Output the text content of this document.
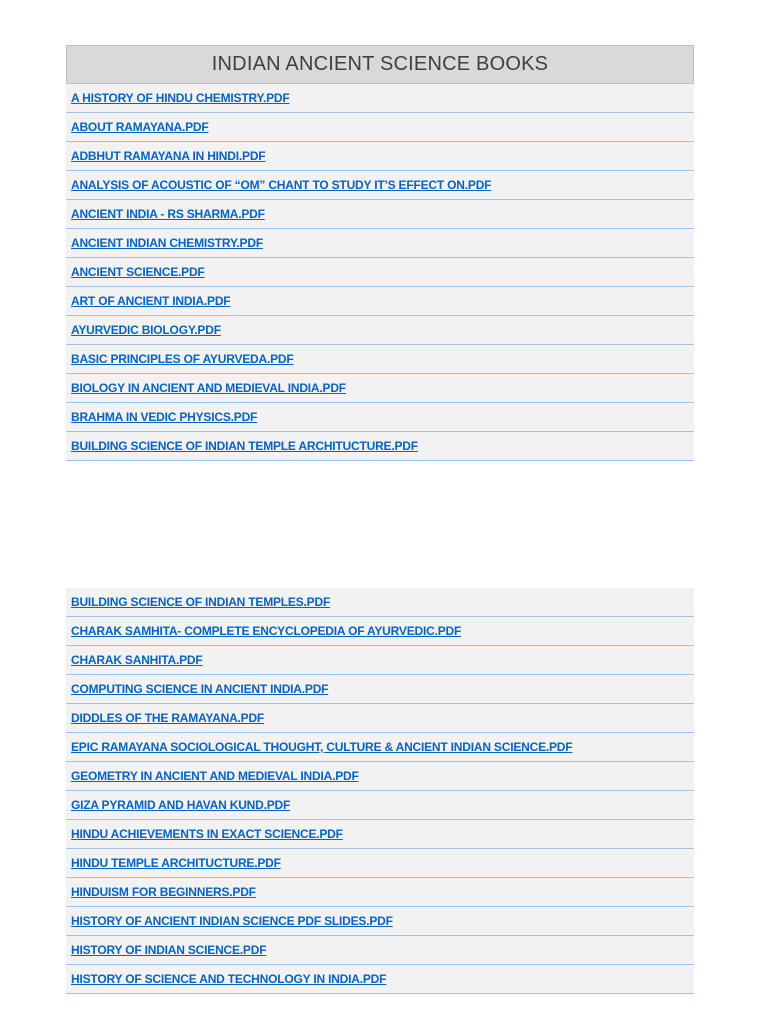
INDIAN ANCIENT SCIENCE BOOKS
A HISTORY OF HINDU CHEMISTRY.PDF
ABOUT RAMAYANA.PDF
ADBHUT RAMAYANA IN HINDI.PDF
ANALYSIS OF ACOUSTIC OF “OM” CHANT TO STUDY IT’S EFFECT ON.PDF
ANCIENT INDIA - RS SHARMA.PDF
ANCIENT INDIAN CHEMISTRY.PDF
ANCIENT SCIENCE.PDF
ART OF ANCIENT INDIA.PDF
AYURVEDIC BIOLOGY.PDF
BASIC PRINCIPLES OF AYURVEDA.PDF
BIOLOGY IN ANCIENT AND MEDIEVAL INDIA.PDF
BRAHMA IN VEDIC PHYSICS.PDF
BUILDING SCIENCE OF INDIAN TEMPLE ARCHITUCTURE.PDF
BUILDING SCIENCE OF INDIAN TEMPLES.PDF
CHARAK SAMHITA- COMPLETE ENCYCLOPEDIA OF AYURVEDIC.PDF
CHARAK SANHITA.PDF
COMPUTING SCIENCE IN ANCIENT INDIA.PDF
DIDDLES OF THE RAMAYANA.PDF
EPIC RAMAYANA SOCIOLOGICAL THOUGHT, CULTURE & ANCIENT INDIAN SCIENCE.PDF
GEOMETRY IN ANCIENT AND MEDIEVAL INDIA.PDF
GIZA PYRAMID AND HAVAN KUND.PDF
HINDU ACHIEVEMENTS IN EXACT SCIENCE.PDF
HINDU TEMPLE ARCHITUCTURE.PDF
HINDUISM FOR BEGINNERS.PDF
HISTORY OF ANCIENT INDIAN SCIENCE PDF SLIDES.PDF
HISTORY OF INDIAN SCIENCE.PDF
HISTORY OF SCIENCE AND TECHNOLOGY IN INDIA.PDF
